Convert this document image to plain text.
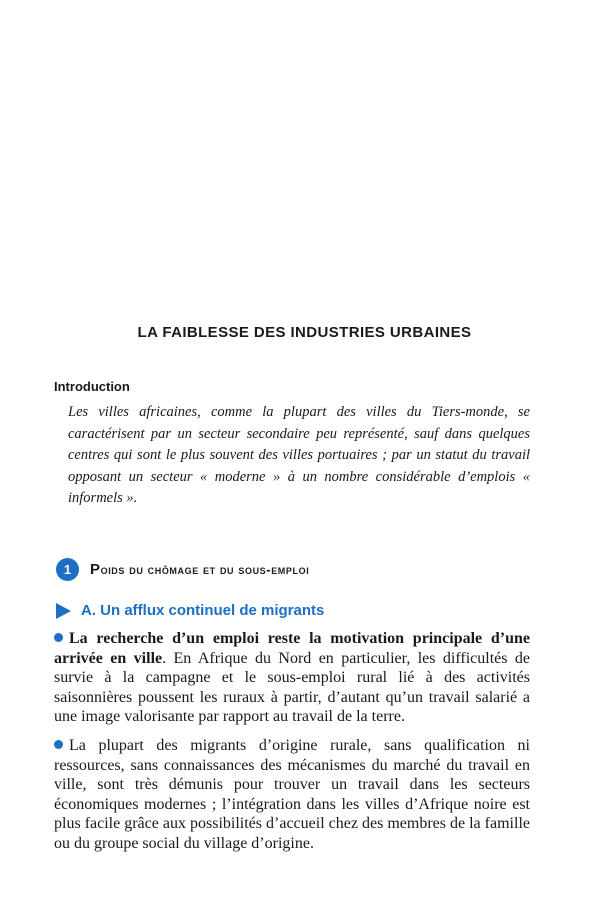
LA FAIBLESSE DES INDUSTRIES URBAINES
Introduction

Les villes africaines, comme la plupart des villes du Tiers-monde, se caractérisent par un secteur secondaire peu représenté, sauf dans quelques centres qui sont le plus souvent des villes portuaires ; par un statut du travail opposant un secteur « moderne » à un nombre considérable d’emplois « informels ».

1	Poids du chômage et du sous-emploi
A. Un afflux continuel de migrants

La recherche d’un emploi reste la motivation principale d’une arrivée en ville. En Afrique du Nord en particulier, les difficultés de survie à la campagne et le sous-emploi rural lié à des activités saisonnières poussent les ruraux à partir, d’autant qu’un travail salarié a une image valorisante par rapport au travail de la terre.

La plupart des migrants d’origine rurale, sans qualification ni ressources, sans connaissances des mécanismes du marché du travail en ville, sont très démunis pour trouver un travail dans les secteurs économiques modernes ; l’intégration dans les villes d’Afrique noire est plus facile grâce aux possibilités d’accueil chez des membres de la famille ou du groupe social du village d’origine.
